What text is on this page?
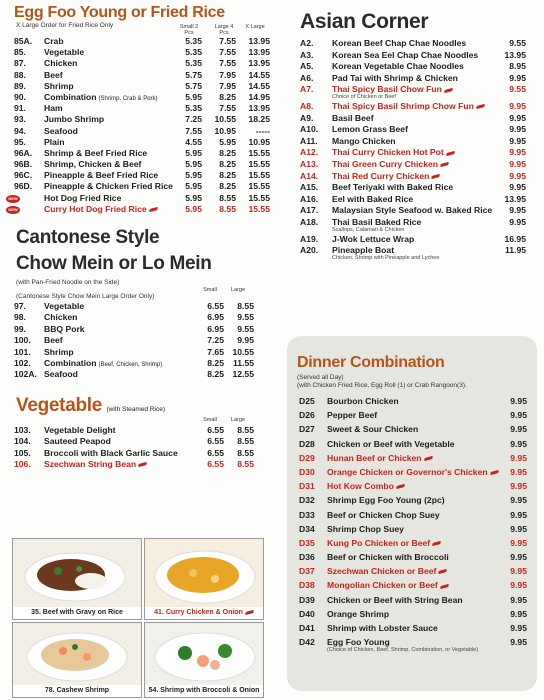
Egg Foo Young or Fried Rice
X Large Order for Fried Rice Only	Small 2 Pcs
Large 4 Pcs
X Large
85A. Crab	5.35	7.55	13.95
85. Vegetable	5.35	7.55	13.95
87. Chicken	5.35	7.55	13.95
88. Beef	5.75	7.95	14.55
89. Shrimp	5.75	7.95	14.55
90. Combination (Shrimp, Crab & Pork)	5.95	8.25	14.95
91. Ham	5.35	7.55	13.95
93. Jumbo Shrimp	7.25	10.55	18.25
94. Seafood	7.55	10.95	-----
95. Plain	4.55	5.95	10.95
96A. Shrimp & Beef Fried Rice	5.95	8.25	15.55
96B. Shrimp, Chicken & Beef	5.95	8.25	15.55
96C. Pineapple & Beef Fried Rice	5.95	8.25	15.55
96D. Pineapple & Chicken Fried Rice	5.95	8.25	15.55
NEW	Hot Dog Fried Rice	5.95	8.55	15.55
NEW	Curry Hot Dog Fried Rice	5.95	8.55	15.55
Cantonese Style
Chow Mein or Lo Mein
(with Pan-Fried Noodle on the Side)
Small	Large
(Cantonese Style Chow Mein Large Order Only)
97. Vegetable	6.55	8.55
98. Chicken	6.95	9.55
99. BBQ Pork	6.95	9.55
100. Beef	7.25	9.95
101. Shrimp	7.65 10.55
102. Combination (Beef, Chicken, Shrimp)	8.25	11.55
102A. Seafood	8.25 12.55
Vegetable (with Steamed Rice)
Small	Large
103. Vegetable Delight	6.55	8.55
104. Sauteed Peapod	6.55	8.55
105. Broccoli with Black Garlic Sauce	6.55	8.55
106. Szechwan String Bean	6.55	8.55
35. Beef with Gravy on Rice	41. Curry Chicken & Onion
78. Cashew Shrimp	54. Shrimp with Broccoli & Onion
Asian Corner
A2. Korean Beef Chap Chae Noodles	9.55
A3. Korean Sea Eel Chap Chae Noodles	13.95
A5. Korean Vegetable Chae Noodles	8.95
A6. Pad Tai with Shrimp & Chicken	9.95
A7. Thai Spicy Basil Chow Fun	9.55
Choice of Chicken or Beef
A8. Thai Spicy Basil Shrimp Chow Fun	9.95
A9. Basil Beef	9.95
A10. Lemon Grass Beef	9.95
A11. Mango Chicken	9.95
A12. Thai Curry Chicken Hot Pot	9.95
A13. Thai Green Curry Chicken	9.95
A14. Thai Red Curry Chicken	9.95
A15. Beef Teriyaki with Baked Rice	9.95
A16. Eel with Baked Rice	13.95
A17. Malaysian Style Seafood w. Baked Rice	9.95
A18. Thai Basil Baked Rice	9.95
Scallops, Calamari & Chicken
A19. J-Wok Lettuce Wrap	16.95
A20. Pineapple Boat	11.95
Chicken, Shrimp with Pineapple and Lychee
Dinner Combination
(Served all Day)
(with Chicken Fried Rice, Egg Roll (1) or Crab Rangoon(3).
D25 Bourbon Chicken	9.95
D26 Pepper Beef	9.95
D27 Sweet & Sour Chicken	9.95
D28 Chicken or Beef with Vegetable	9.95
D29 Hunan Beef or Chicken	9.95
D30 Orange Chicken or Governor's Chicken	9.95
D31 Hot Kow Combo	9.95
D32 Shrimp Egg Foo Young (2pc)	9.95
D33 Beef or Chicken Chop Suey	9.95
D34 Shrimp Chop Suey	9.95
D35 Kung Po Chicken or Beef	9.95
D36 Beef or Chicken with Broccoli	9.95
D37 Szechwan Chicken or Beef	9.95
D38 Mongolian Chicken or Beef	9.95
D39 Chicken or Beef with String Bean	9.95
D40 Orange Shrimp	9.95
D41 Shrimp with Lobster Sauce	9.95
D42 Egg Foo Young	9.95
(Choice of Chicken, Beef, Shrimp, Combination, or Vegetable)
